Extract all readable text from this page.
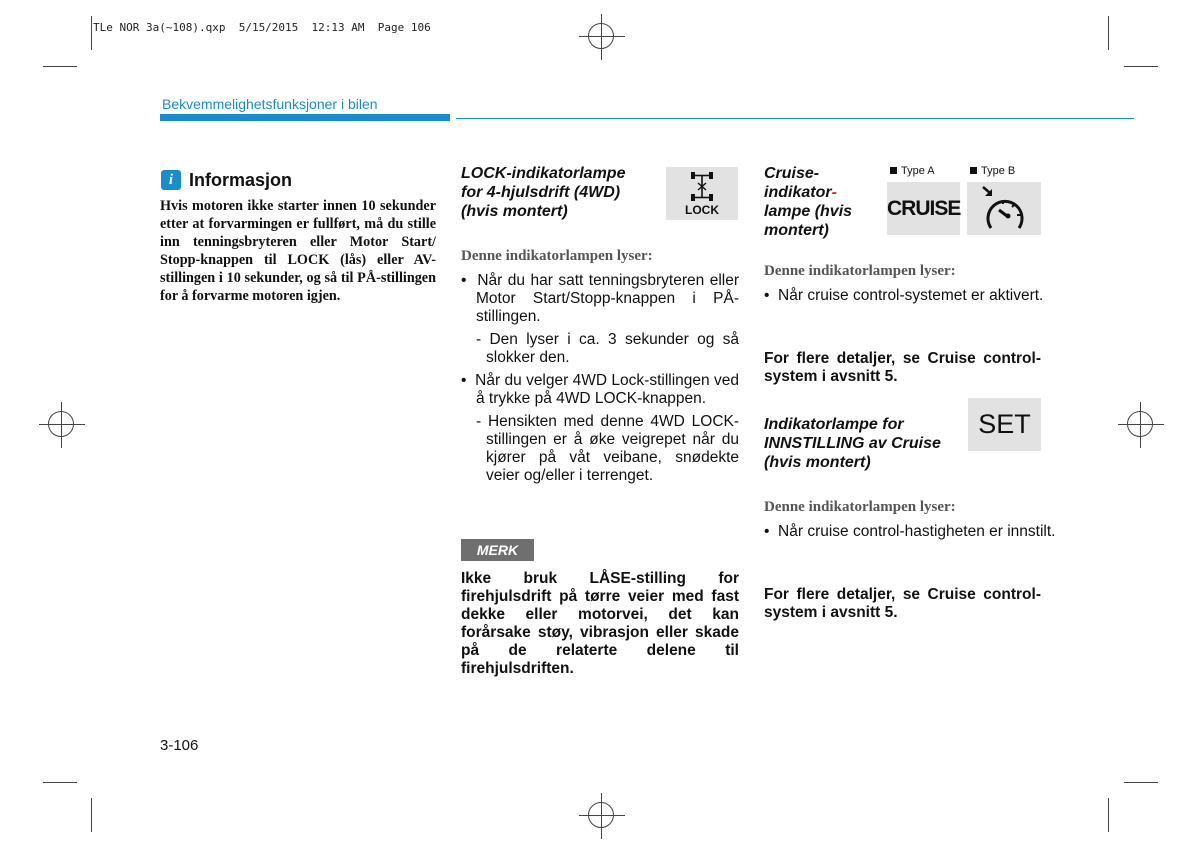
TLe NOR 3a(~108).qxp  5/15/2015  12:13 AM  Page 106
Bekvemmelighetsfunksjoner i bilen
i Informasjon
Hvis motoren ikke starter innen 10 sekunder etter at forvarmingen er fullført, må du stille inn tenningsbryteren eller Motor Start/ Stopp-knappen til LOCK (lås) eller AV-stillingen i 10 sekunder, og så til PÅ-stillingen for å forvarme motoren igjen.
LOCK-indikatorlampe
for 4-hjulsdrift (4WD)
(hvis montert)	LOCK
Denne indikatorlampen lyser:
•  Når du har satt tenningsbryteren eller Motor Start/Stopp-knappen i PÅ- stillingen.
- Den lyser i ca. 3 sekunder og så slokker den.
•  Når du velger 4WD Lock-stillingen ved å trykke på 4WD LOCK-knappen.
- Hensikten med denne 4WD LOCK- stillingen er å øke veigrepet når du kjører på våt veibane, snødekte veier og/eller i terrenget.
MERK
Ikke bruk LÅSE-stilling for firehjulsdrift på tørre veier med fast dekke eller motorvei, det kan forårsake støy, vibrasjon eller skade på de relaterte delene til firehjulsdriften.
Cruise-
indikator-
lampe (hvis
montert)
Type A	Type B
CRUISE
Denne indikatorlampen lyser:
•  Når cruise control-systemet er aktivert.
For flere detaljer, se Cruise control- system i avsnitt 5.
Indikatorlampe for
INNSTILLING av Cruise
(hvis montert)
SET
Denne indikatorlampen lyser:
•  Når cruise control-hastigheten er innstilt.
For flere detaljer, se Cruise control- system i avsnitt 5.
3-106
